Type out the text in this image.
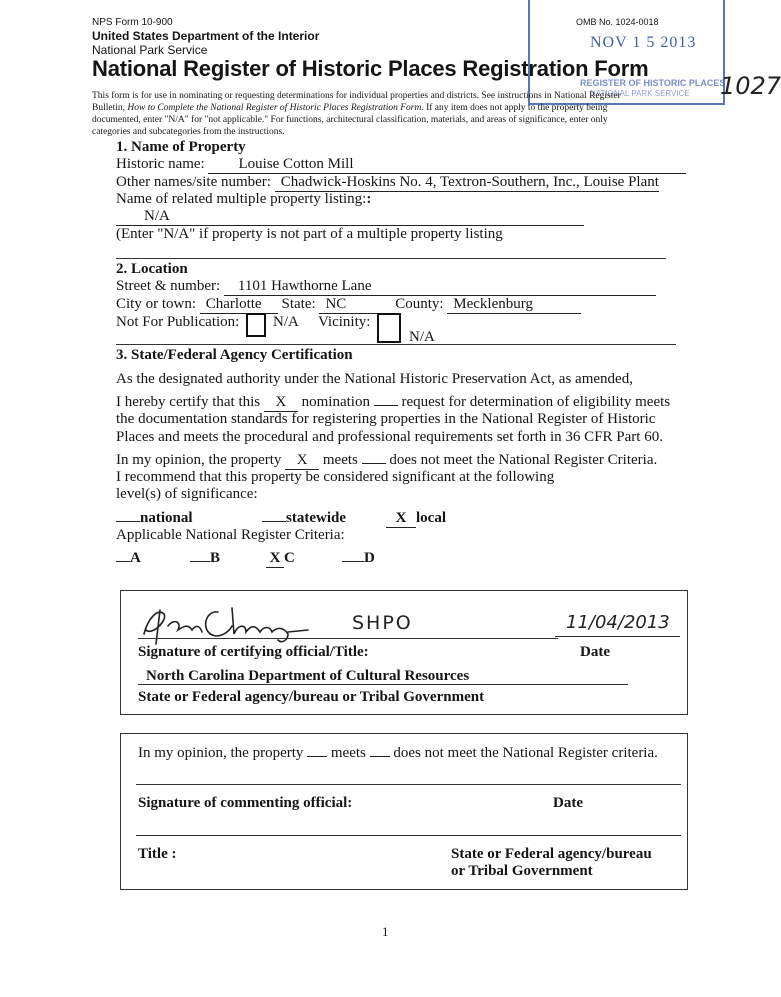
NPS Form 10-900
United States Department of the Interior
National Park Service
National Register of Historic Places Registration Form
OMB No. 1024-0018
NOV 1 5 2013
REGISTER OF HISTORIC PLACES
NATIONAL PARK SERVICE 1027
This form is for use in nominating or requesting determinations for individual properties and districts. See instructions in National Register
Bulletin, How to Complete the National Register of Historic Places Registration Form. If any item does not apply to the property being
documented, enter "N/A" for "not applicable." For functions, architectural classification, materials, and areas of significance, enter only
categories and subcategories from the instructions.
1. Name of Property
Historic name: Louise Cotton Mill
Other names/site number: Chadwick-Hoskins No. 4, Textron-Southern, Inc., Louise Plant
Name of related multiple property listing::
N/A
(Enter "N/A" if property is not part of a multiple property listing
2. Location
Street & number: 1101 Hawthorne Lane
City or town: Charlotte State: NC	County: Mecklenburg
Not For Publication: N/A Vicinity:
N/A
3. State/Federal Agency Certification
As the designated authority under the National Historic Preservation Act, as amended,
I hereby certify that this X nomination  request for determination of eligibility meets
the documentation standards for registering properties in the National Register of Historic
Places and meets the procedural and professional requirements set forth in 36 CFR Part 60.
In my opinion, the property X meets  does not meet the National Register Criteria.
I recommend that this property be considered significant at the following
level(s) of significance:
national	statewide	X local
Applicable National Register Criteria:
A	B	X C	D
SHPO	11/04/2013
Signature of certifying official/Title:	Date
North Carolina Department of Cultural Resources
State or Federal agency/bureau or Tribal Government
In my opinion, the property  meets  does not meet the National Register criteria.
Signature of commenting official:	Date
Title :	State or Federal agency/bureau
or Tribal Government
1
